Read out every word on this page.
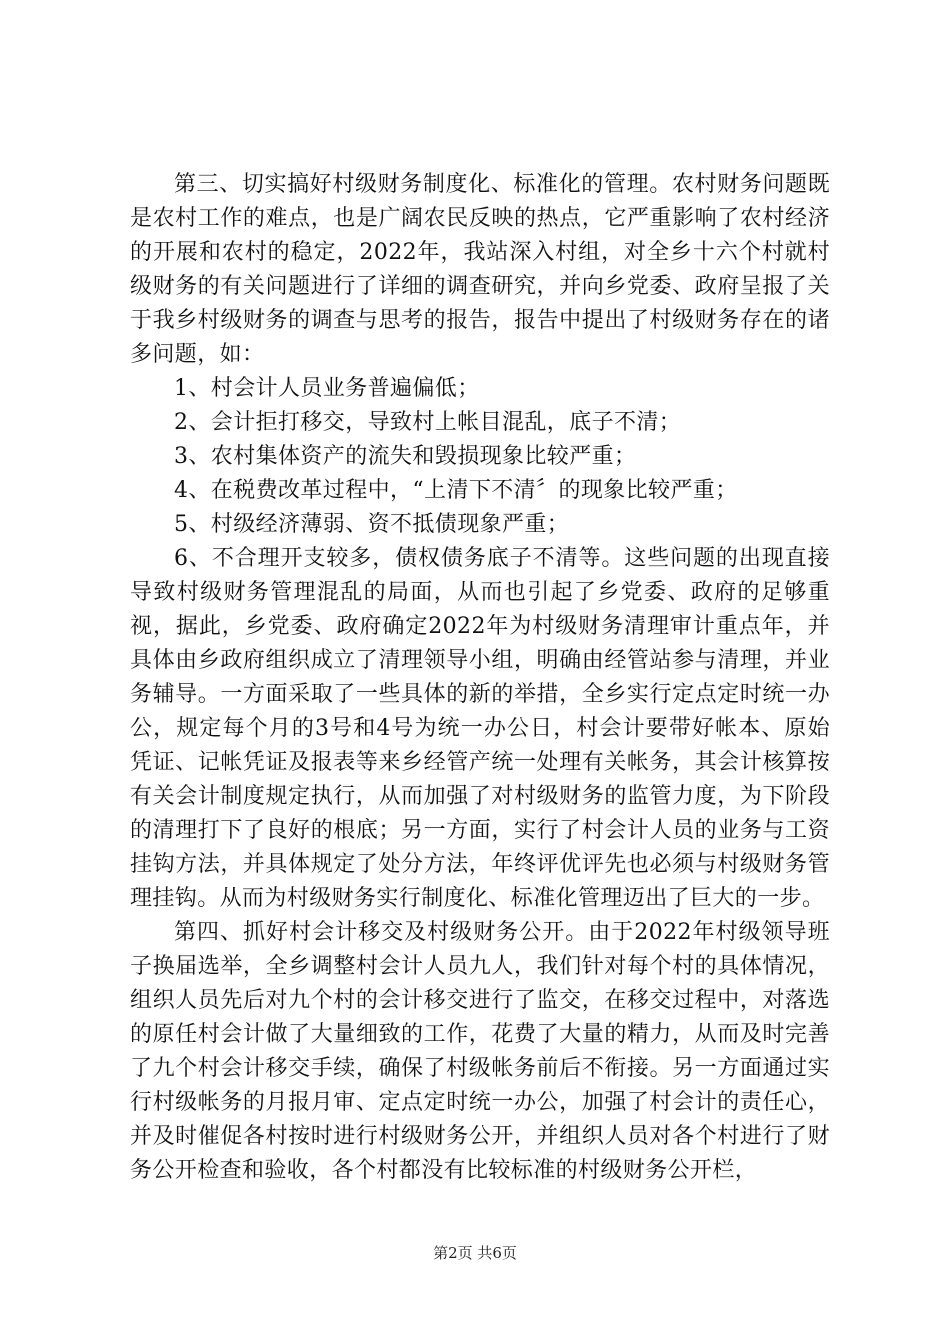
第三、切实搞好村级财务制度化、标准化的管理。农村财务问题既是农村工作的难点，也是广阔农民反映的热点，它严重影响了农村经济的开展和农村的稳定，2022年，我站深入村组，对全乡十六个村就村级财务的有关问题进行了详细的调查研究，并向乡党委、政府呈报了关于我乡村级财务的调查与思考的报告，报告中提出了村级财务存在的诸多问题，如：

1、村会计人员业务普遍偏低；

2、会计拒打移交，导致村上帐目混乱，底子不清；

3、农村集体资产的流失和毁损现象比较严重；

4、在税费改革过程中，“上清下不清〞的现象比较严重；

5、村级经济薄弱、资不抵债现象严重；

6、不合理开支较多，债权债务底子不清等。这些问题的出现直接导致村级财务管理混乱的局面，从而也引起了乡党委、政府的足够重视，据此，乡党委、政府确定2022年为村级财务清理审计重点年，并具体由乡政府组织成立了清理领导小组，明确由经管站参与清理，并业务辅导。一方面采取了一些具体的新的举措，全乡实行定点定时统一办公，规定每个月的3号和4号为统一办公日，村会计要带好帐本、原始凭证、记帐凭证及报表等来乡经管产统一处理有关帐务，其会计核算按有关会计制度规定执行，从而加强了对村级财务的监管力度，为下阶段的清理打下了良好的根底；另一方面，实行了村会计人员的业务与工资挂钩方法，并具体规定了处分方法，年终评优评先也必须与村级财务管理挂钩。从而为村级财务实行制度化、标准化管理迈出了巨大的一步。

第四、抓好村会计移交及村级财务公开。由于2022年村级领导班子换届选举，全乡调整村会计人员九人，我们针对每个村的具体情况，组织人员先后对九个村的会计移交进行了监交，在移交过程中，对落选的原任村会计做了大量细致的工作，花费了大量的精力，从而及时完善了九个村会计移交手续，确保了村级帐务前后不衔接。另一方面通过实行村级帐务的月报月审、定点定时统一办公，加强了村会计的责任心，并及时催促各村按时进行村级财务公开，并组织人员对各个村进行了财务公开检查和验收，各个村都没有比较标准的村级财务公开栏，

第2页 共6页
